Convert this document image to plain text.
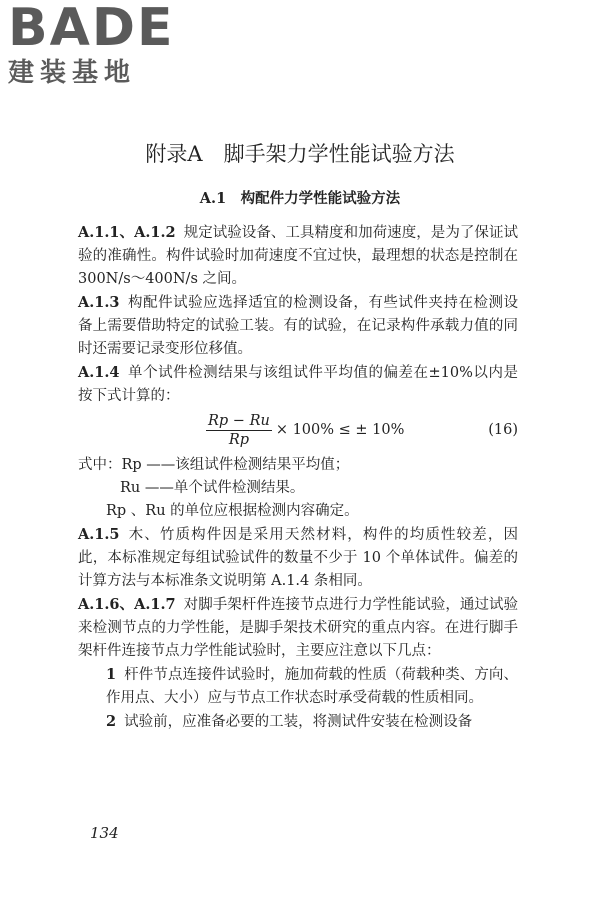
BADE
建装基地
附录A　脚手架力学性能试验方法
A.1　构配件力学性能试验方法

A.1.1、A.1.2 规定试验设备、工具精度和加荷速度，是为了保证试验的准确性。构件试验时加荷速度不宜过快，最理想的状态是控制在 300N/s～400N/s 之间。

A.1.3 构配件试验应选择适宜的检测设备，有些试件夹持在检测设备上需要借助特定的试验工装。有的试验，在记录构件承载力值的同时还需要记录变形位移值。

A.1.4 单个试件检测结果与该组试件平均值的偏差在±10%以内是按下式计算的：

$\frac{Rp - Ru}{Rp} \times 100\%$ ≤ ± 10%	(16)

式中：Rp ——该组试件检测结果平均值；

Ru ——单个试件检测结果。

Rp 、Ru 的单位应根据检测内容确定。

A.1.5 木、竹质构件因是采用天然材料，构件的均质性较差，因此，本标准规定每组试验试件的数量不少于 10 个单体试件。偏差的计算方法与本标准条文说明第 A.1.4 条相同。

A.1.6、A.1.7 对脚手架杆件连接节点进行力学性能试验，通过试验来检测节点的力学性能，是脚手架技术研究的重点内容。在进行脚手架杆件连接节点力学性能试验时，主要应注意以下几点：

1 杆件节点连接件试验时，施加荷载的性质（荷载种类、方向、作用点、大小）应与节点工作状态时承受荷载的性质相同。

2 试验前，应准备必要的工装，将测试件安装在检测设备

134
